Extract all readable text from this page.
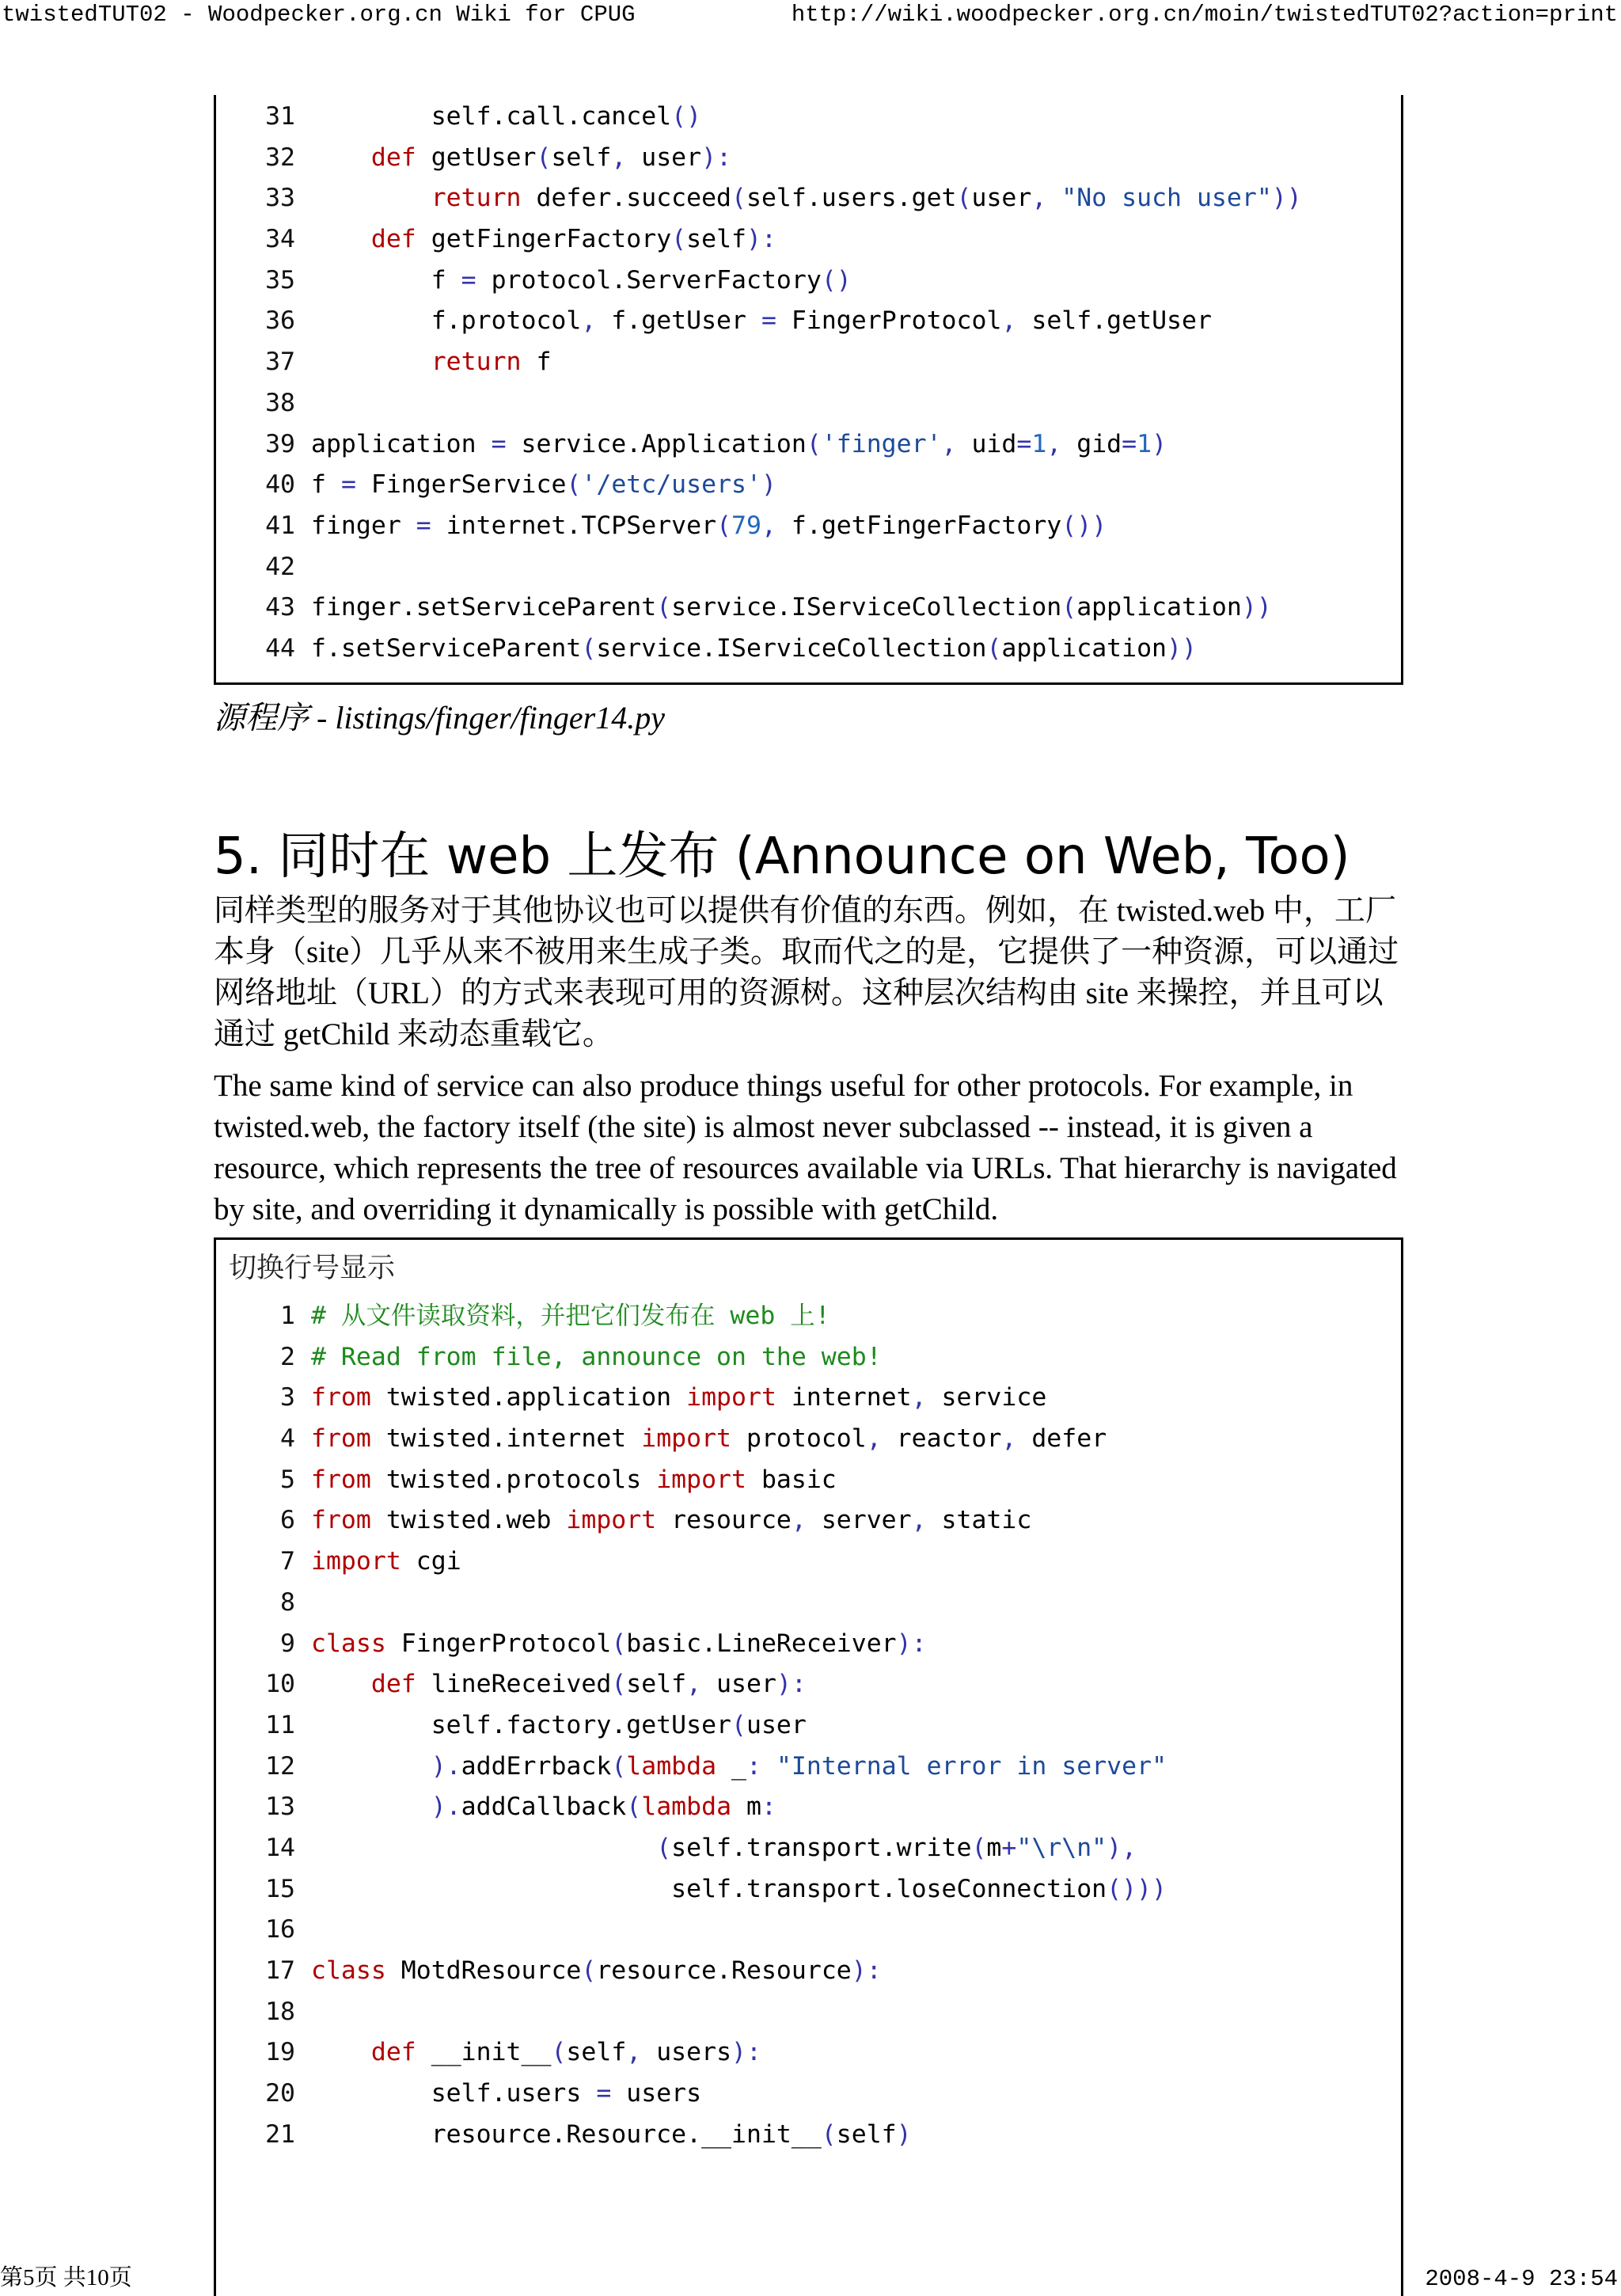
twistedTUT02 - Woodpecker.org.cn Wiki for CPUG	http://wiki.woodpecker.org.cn/moin/twistedTUT02?action=print
31        self.call.cancel()
32	def getUser(self, user):
33	return defer.succeed(self.users.get(user, "No such user"))
34	def getFingerFactory(self):
35        f = protocol.ServerFactory()
36        f.protocol, f.getUser = FingerProtocol, self.getUser
37	return f
38
39 application = service.Application('finger', uid=1, gid=1)
40 f = FingerService('/etc/users')
41 finger = internet.TCPServer(79, f.getFingerFactory())
42
43 finger.setServiceParent(service.IServiceCollection(application))
44 f.setServiceParent(service.IServiceCollection(application))
源程序 - listings/finger/finger14.py
5. 同时在 web 上发布 (Announce on Web, Too)

同样类型的服务对于其他协议也可以提供有价值的东西。例如，在 twisted.web 中，工厂本身（site）几乎从来不被用来生成子类。取而代之的是，它提供了一种资源，可以通过网络地址（URL）的方式来表现可用的资源树。这种层次结构由 site 来操控，并且可以通过 getChild 来动态重载它。

The same kind of service can also produce things useful for other protocols. For example, in twisted.web, the factory itself (the site) is almost never subclassed -- instead, it is given a resource, which represents the tree of resources available via URLs. That hierarchy is navigated by site, and overriding it dynamically is possible with getChild.

切换行号显示
1 # 从文件读取资料，并把它们发布在 web 上!
2 # Read from file, announce on the web!
3 from twisted.application import internet, service
4 from twisted.internet import protocol, reactor, defer
5 from twisted.protocols import basic
6 from twisted.web import resource, server, static
7 import cgi
8
9 class FingerProtocol(basic.LineReceiver):
10	def lineReceived(self, user):
11        self.factory.getUser(user
12	).addErrback(lambda _: "Internal error in server"
13	).addCallback(lambda m:
14	(self.transport.write(m+"\r\n"),
15                        self.transport.loseConnection()))
16
17 class MotdResource(resource.Resource):
18
19	def __init__(self, users):
20        self.users = users
21        resource.Resource.__init__(self)
第5页 共10页	2008-4-9 23:54
